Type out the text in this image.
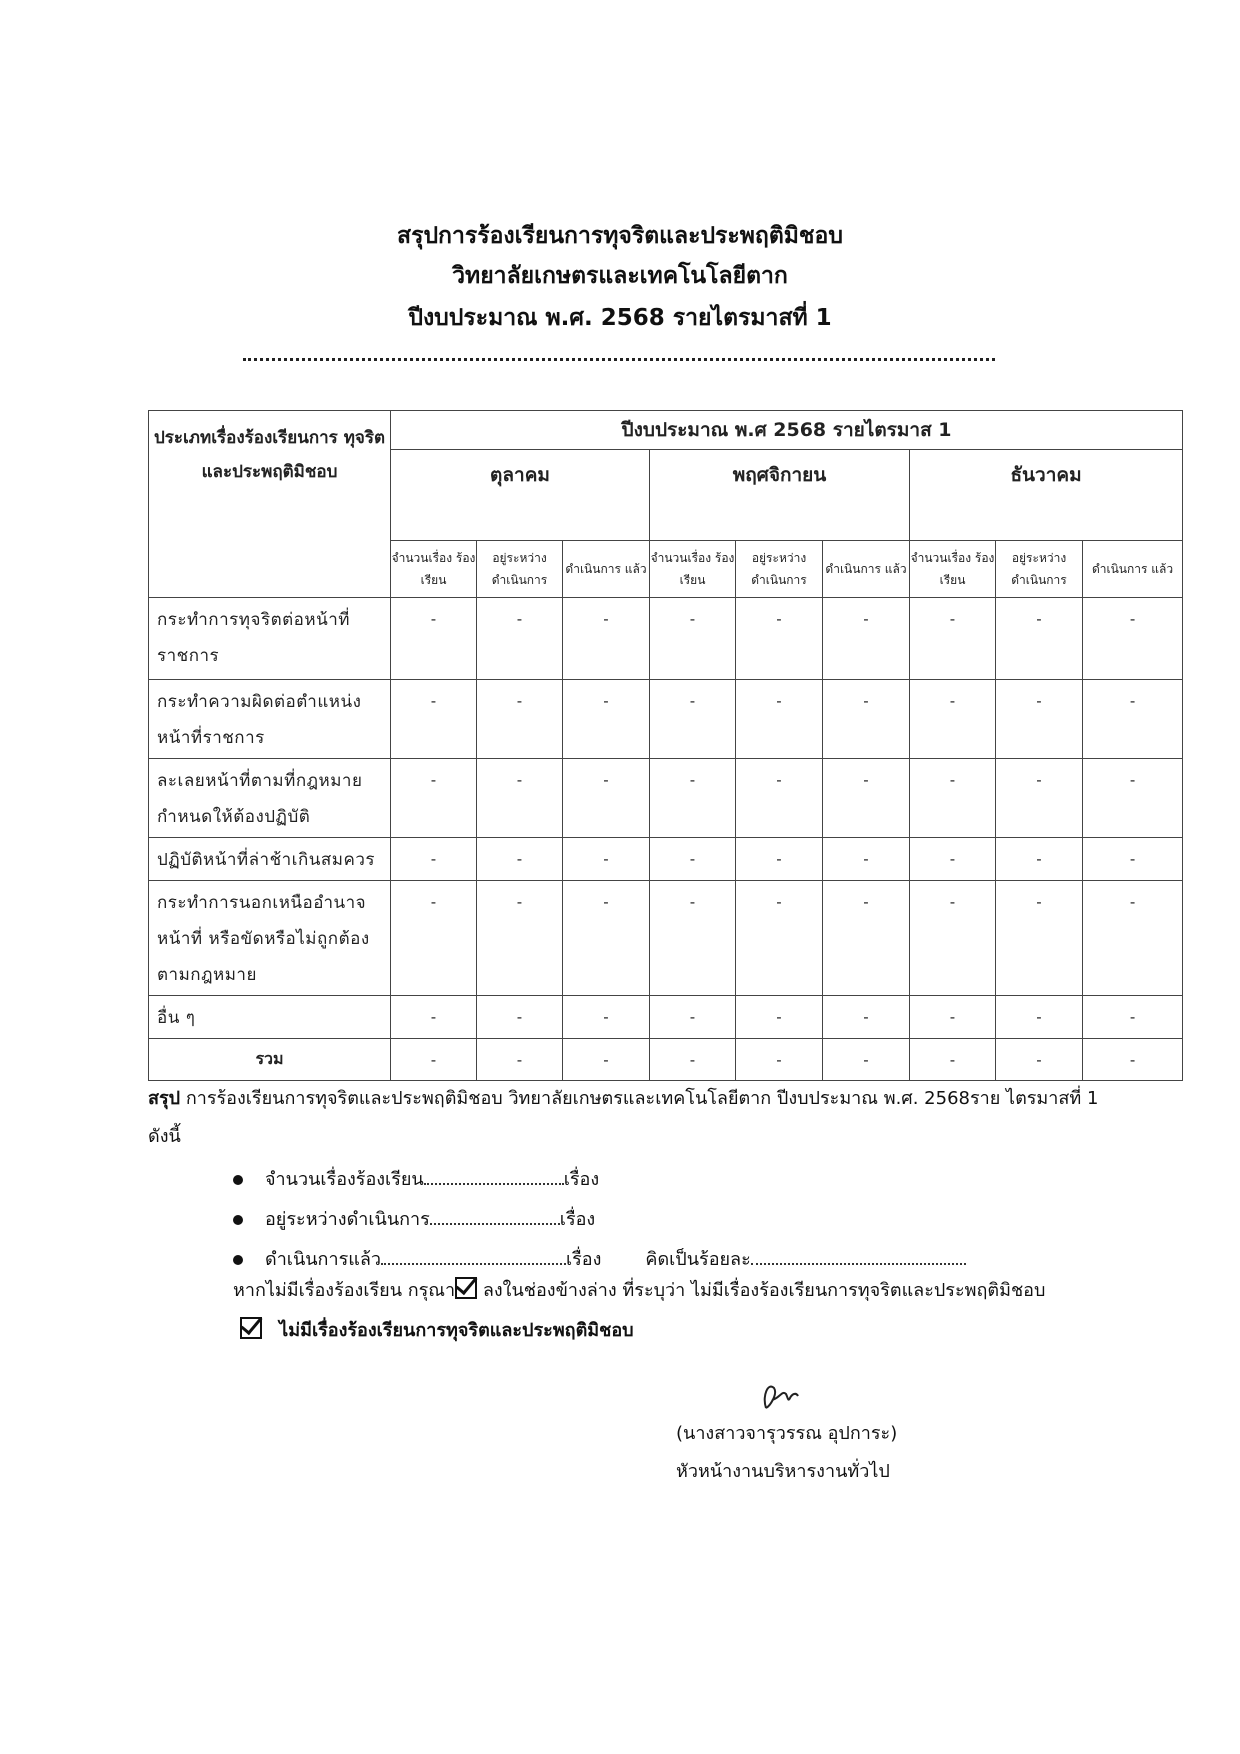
สรุปการร้องเรียนการทุจริตและประพฤติมิชอบ
วิทยาลัยเกษตรและเทคโนโลยีตาก
ปีงบประมาณ พ.ศ. 2568 รายไตรมาสที่ 1
ประเภทเรื่องร้องเรียนการ ทุจริตและประพฤติมิชอบ	ปีงบประมาณ พ.ศ 2568 รายไตรมาส 1								
	ตุลาคม			พฤศจิกายน			ธันวาคม		
	จำนวนเรื่อง ร้องเรียน	อยู่ระหว่าง ดำเนินการ	ดำเนินการ แล้ว	จำนวนเรื่อง ร้องเรียน	อยู่ระหว่าง ดำเนินการ	ดำเนินการ แล้ว	จำนวนเรื่อง ร้องเรียน	อยู่ระหว่าง ดำเนินการ	ดำเนินการ แล้ว
กระทำการทุจริตต่อหน้าที่ราชการ	-	-	-	-	-	-	-	-	-
กระทำความผิดต่อตำแหน่งหน้าที่ราชการ	-	-	-	-	-	-	-	-	-
ละเลยหน้าที่ตามที่กฎหมายกำหนดให้ต้องปฏิบัติ	-	-	-	-	-	-	-	-	-
ปฏิบัติหน้าที่ล่าช้าเกินสมควร	-	-	-	-	-	-	-	-	-
กระทำการนอกเหนืออำนาจหน้าที่ หรือขัดหรือไม่ถูกต้องตามกฎหมาย	-	-	-	-	-	-	-	-	-
อื่น ๆ	-	-	-	-	-	-	-	-	-
รวม	-	-	-	-	-	-	-	-	-
สรุป การร้องเรียนการทุจริตและประพฤติมิชอบ วิทยาลัยเกษตรและเทคโนโลยีตาก ปีงบประมาณ พ.ศ. 2568ราย ไตรมาสที่ 1 ดังนี้
จำนวนเรื่องร้องเรียน	เรื่อง
อยู่ระหว่างดำเนินการ	เรื่อง
ดำเนินการแล้ว	เรื่อง คิดเป็นร้อยละ
หากไม่มีเรื่องร้องเรียน กรุณา ลงในช่องข้างล่าง ที่ระบุว่า ไม่มีเรื่องร้องเรียนการทุจริตและประพฤติมิชอบ
ไม่มีเรื่องร้องเรียนการทุจริตและประพฤติมิชอบ
(นางสาวจารุวรรณ อุปการะ)
หัวหน้างานบริหารงานทั่วไป
